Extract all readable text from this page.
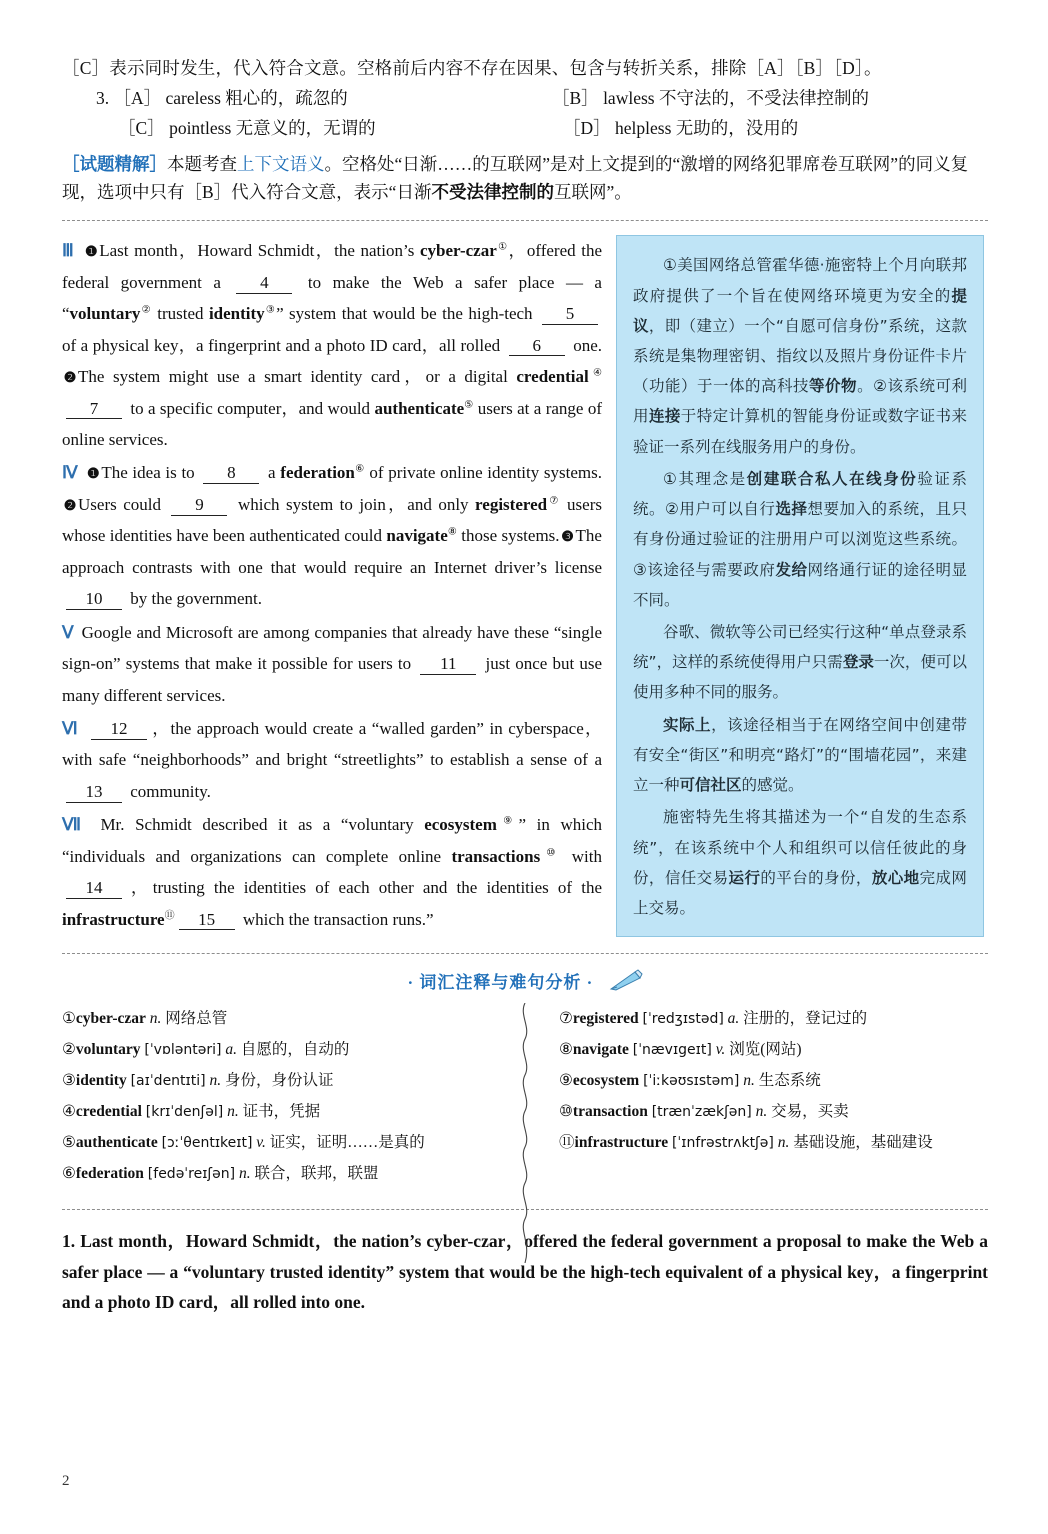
［C］表示同时发生，代入符合文意。空格前后内容不存在因果、包含与转折关系，排除［A］［B］［D］。
3. ［A］ careless 粗心的，疏忽的	［B］ lawless 不守法的，不受法律控制的
［C］ pointless 无意义的，无谓的	［D］ helpless 无助的，没用的
［试题精解］本题考查上下文语义。空格处“日渐……的互联网”是对上文提到的“激增的网络犯罪席卷互联网”的同义复现，选项中只有［B］代入符合文意，表示“日渐不受法律控制的互联网”。

Ⅲ ❶ Last month，Howard Schmidt，the nation’s cyber-czar①，offered the federal government a 4 to make the Web a safer place — a “voluntary② trusted identity③” system that would be the high-tech 5 of a physical key，a fingerprint and a photo ID card，all rolled 6 one.❷ The system might use a smart identity card，or a digital credential④7 to a specific computer，and would authenticate⑤ users at a range of online services.

Ⅳ ❶ The idea is to 8 a federation⑥ of private online identity systems.❷ Users could 9 which system to join，and only registered⑦ users whose identities have been authenticated could navigate⑧ those systems. ❸ The approach contrasts with one that would require an Internet driver’s license 10 by the government.

Ⅴ Google and Microsoft are among companies that already have these “single sign-on” systems that make it possible for users to 11 just once but use many different services.

Ⅵ 12 ，the approach would create a “walled garden” in cyberspace，with safe “neighborhoods” and bright “streetlights” to establish a sense of a 13 community.

Ⅶ Mr. Schmidt described it as a “voluntary ecosystem⑨” in which “individuals and organizations can complete online transactions⑩ with 14 ，trusting the identities of each other and the identities of the infrastructure⑪ 15 which the transaction runs.”

①美国网络总管霍华德·施密特上个月向联邦政府提供了一个旨在使网络环境更为安全的提议，即（建立）一个“自愿可信身份”系统，这款系统是集物理密钥、指纹以及照片身份证件卡片（功能）于一体的高科技等价物。②该系统可利用连接于特定计算机的智能身份证或数字证书来验证一系列在线服务用户的身份。

①其理念是创建联合私人在线身份验证系统。②用户可以自行选择想要加入的系统，且只有身份通过验证的注册用户可以浏览这些系统。③该途径与需要政府发给网络通行证的途径明显不同。

谷歌、微软等公司已经实行这种“单点登录系统”，这样的系统使得用户只需登录一次，便可以使用多种不同的服务。

实际上，该途径相当于在网络空间中创建带有安全“街区”和明亮“路灯”的“围墙花园”，来建立一种可信社区的感觉。

施密特先生将其描述为一个“自发的生态系统”，在该系统中个人和组织可以信任彼此的身份，信任交易运行的平台的身份，放心地完成网上交易。

· 词汇注释与难句分析 ·
①cyber-czar n. 网络总管
②voluntary [ˈvɒləntəri] a. 自愿的，自动的
③identity [aɪˈdentɪti] n. 身份，身份认证
④credential [krɪˈdenʃəl] n. 证书，凭据
⑤authenticate [ɔːˈθentɪkeɪt] v. 证实，证明……是真的
⑥federation [fedəˈreɪʃən] n. 联合，联邦，联盟
⑦registered [ˈredʒɪstəd] a. 注册的，登记过的
⑧navigate [ˈnævɪgeɪt] v. 浏览(网站)
⑨ecosystem [ˈiːkəʊsɪstəm] n. 生态系统
⑩transaction [trænˈzækʃən] n. 交易，买卖
⑪infrastructure [ˈɪnfrəstrʌktʃə] n. 基础设施，基础建设
1. Last month，Howard Schmidt，the nation’s cyber-czar，offered the federal government a proposal to make the Web a safer place — a “voluntary trusted identity” system that would be the high-tech equivalent of a physical key，a fingerprint and a photo ID card，all rolled into one.
2
